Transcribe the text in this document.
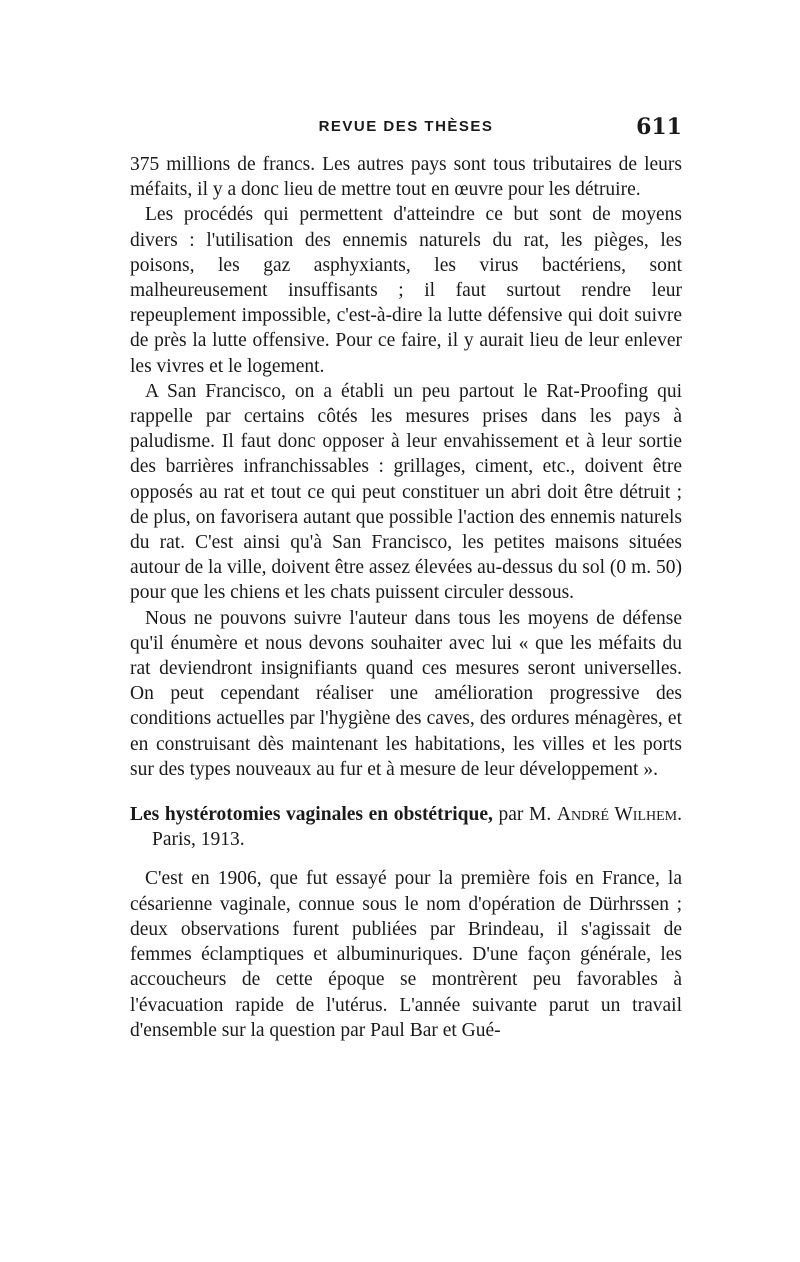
REVUE DES THÈSES	611

375 millions de francs. Les autres pays sont tous tributaires de leurs méfaits, il y a donc lieu de mettre tout en œuvre pour les détruire.

Les procédés qui permettent d'atteindre ce but sont de moyens divers : l'utilisation des ennemis naturels du rat, les pièges, les poisons, les gaz asphyxiants, les virus bactériens, sont malheureusement insuffisants ; il faut surtout rendre leur repeuplement impossible, c'est-à-dire la lutte défensive qui doit suivre de près la lutte offensive. Pour ce faire, il y aurait lieu de leur enlever les vivres et le logement.

A San Francisco, on a établi un peu partout le Rat-Proofing qui rappelle par certains côtés les mesures prises dans les pays à paludisme. Il faut donc opposer à leur envahissement et à leur sortie des barrières infranchissables : grillages, ciment, etc., doivent être opposés au rat et tout ce qui peut constituer un abri doit être détruit ; de plus, on favorisera autant que possible l'action des ennemis naturels du rat. C'est ainsi qu'à San Francisco, les petites maisons situées autour de la ville, doivent être assez élevées au-dessus du sol (0 m. 50) pour que les chiens et les chats puissent circuler dessous.

Nous ne pouvons suivre l'auteur dans tous les moyens de défense qu'il énumère et nous devons souhaiter avec lui « que les méfaits du rat deviendront insignifiants quand ces mesures seront universelles. On peut cependant réaliser une amélioration progressive des conditions actuelles par l'hygiène des caves, des ordures ménagères, et en construisant dès maintenant les habitations, les villes et les ports sur des types nouveaux au fur et à mesure de leur développement ».

Les hystérotomies vaginales en obstétrique, par M. André Wilhem. Paris, 1913.

C'est en 1906, que fut essayé pour la première fois en France, la césarienne vaginale, connue sous le nom d'opération de Dürhrssen ; deux observations furent publiées par Brindeau, il s'agissait de femmes éclamptiques et albuminuriques. D'une façon générale, les accoucheurs de cette époque se montrèrent peu favorables à l'évacuation rapide de l'utérus. L'année suivante parut un travail d'ensemble sur la question par Paul Bar et Gué-
